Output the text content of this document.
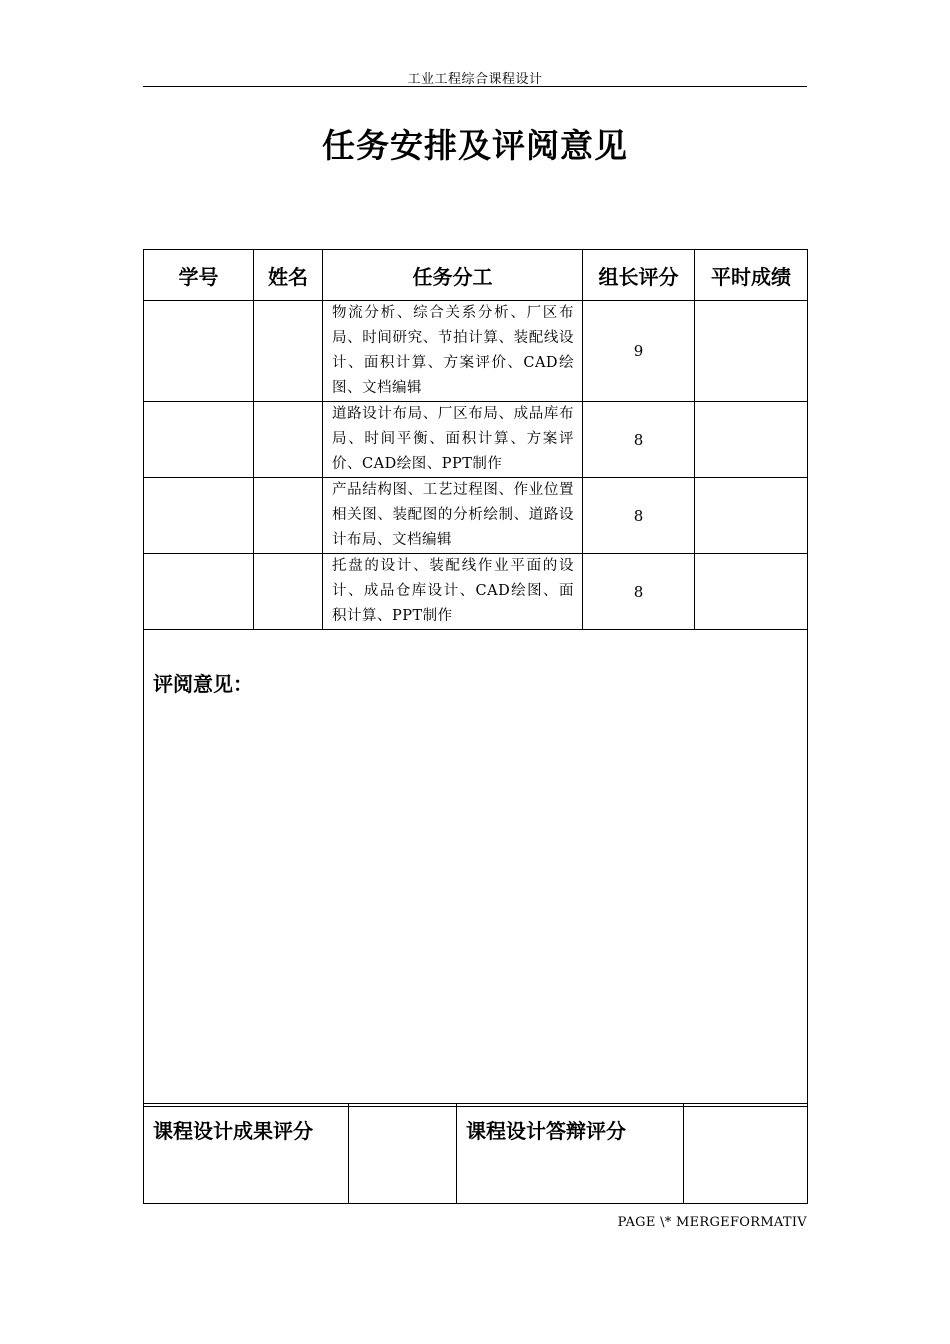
工业工程综合课程设计
任务安排及评阅意见
学号	姓名	任务分工	组长评分	平时成绩
		物流分析、综合关系分析、厂区布局、时间研究、节拍计算、装配线设计、面积计算、方案评价、CAD绘图、文档编辑	9	
		道路设计布局、厂区布局、成品库布局、时间平衡、面积计算、方案评价、CAD绘图、PPT制作	8	
		产品结构图、工艺过程图、作业位置相关图、装配图的分析绘制、道路设计布局、文档编辑	8	
		托盘的设计、装配线作业平面的设计、成品仓库设计、CAD绘图、面积计算、PPT制作	8	

评阅意见：				
课程设计成果评分		课程设计答辩评分

PAGE \* MERGEFORMATIV
